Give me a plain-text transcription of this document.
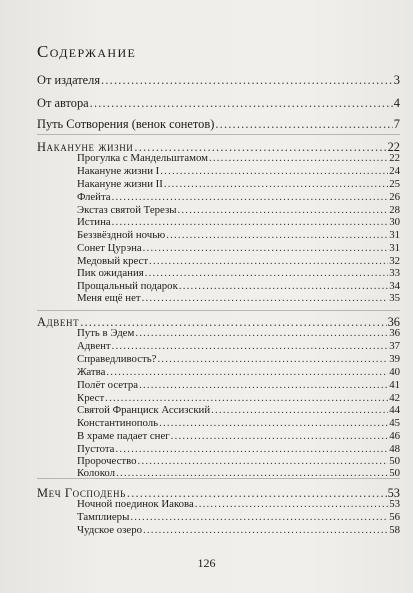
Содержание
От издателя .....	3
От автора .....	4
Путь Сотворения (венок сонетов) .....	7
Накануне жизни .....	22
Прогулка с Мандельштамом .....	22
Накануне жизни I .....	24
Накануне жизни II .....	25
Флейта .....	26
Экстаз святой Терезы .....	28
Истина .....	30
Беззвёздной ночью .....	31
Сонет Цурэна .....	31
Медовый крест .....	32
Пик ожидания .....	33
Прощальный подарок .....	34
Меня ещё нет .....	35
Адвент .....	36
Путь в Эдем .....	36
Адвент .....	37
Справедливость? .....	39
Жатва .....	40
Полёт осетра .....	41
Крест .....	42
Святой Франциск Ассизский .....	44
Константинополь .....	45
В храме падает снег .....	46
Пустота .....	48
Пророчество .....	50
Колокол .....	50
Меч Господень .....	53
Ночной поединок Иакова .....	53
Тамплиеры .....	56
Чудское озеро .....	58
126
